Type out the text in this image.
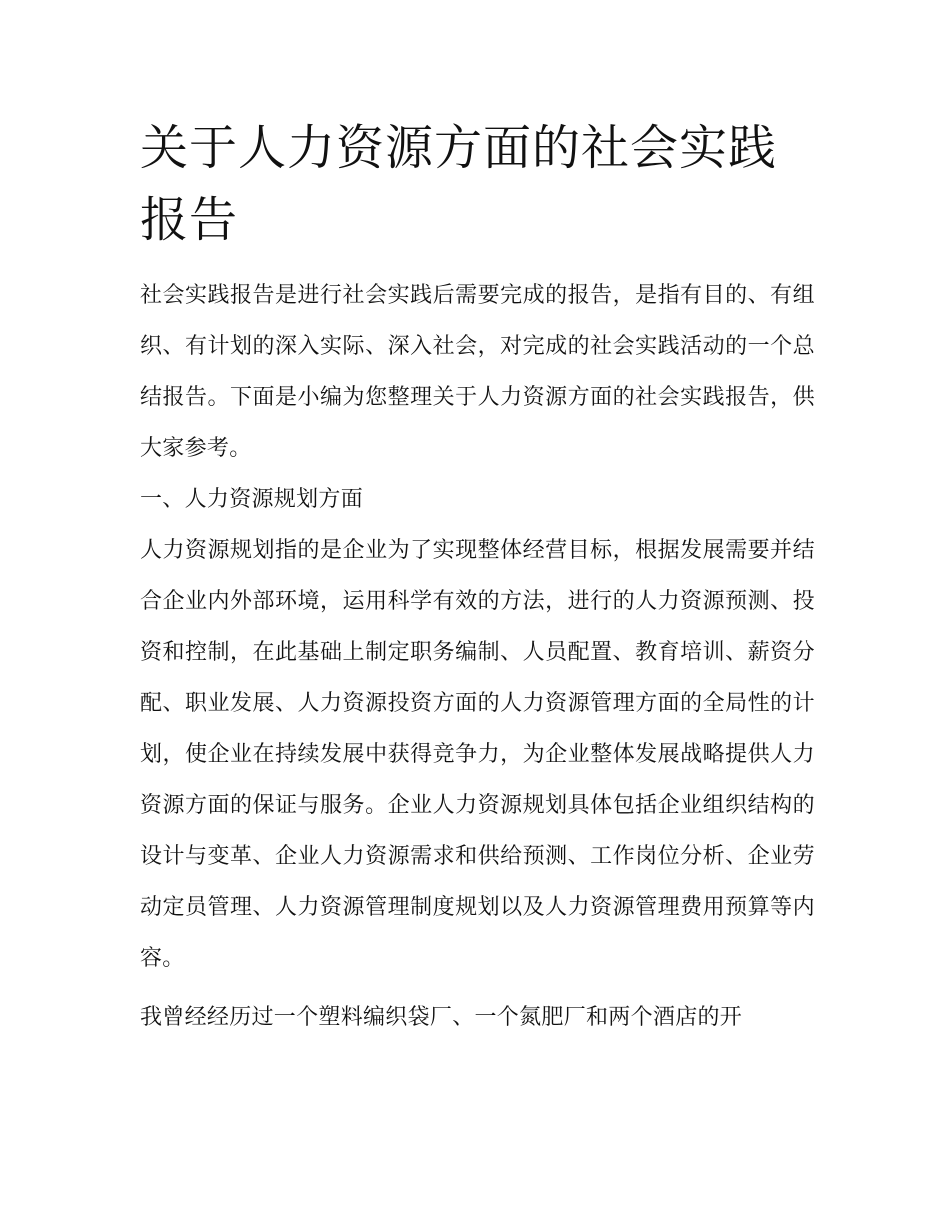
关于人力资源方面的社会实践报告

社会实践报告是进行社会实践后需要完成的报告，是指有目的、有组织、有计划的深入实际、深入社会，对完成的社会实践活动的一个总结报告。下面是小编为您整理关于人力资源方面的社会实践报告，供大家参考。

一、人力资源规划方面

人力资源规划指的是企业为了实现整体经营目标，根据发展需要并结合企业内外部环境，运用科学有效的方法，进行的人力资源预测、投资和控制，在此基础上制定职务编制、人员配置、教育培训、薪资分配、职业发展、人力资源投资方面的人力资源管理方面的全局性的计划，使企业在持续发展中获得竞争力，为企业整体发展战略提供人力资源方面的保证与服务。企业人力资源规划具体包括企业组织结构的设计与变革、企业人力资源需求和供给预测、工作岗位分析、企业劳动定员管理、人力资源管理制度规划以及人力资源管理费用预算等内容。

我曾经经历过一个塑料编织袋厂、一个氮肥厂和两个酒店的开
